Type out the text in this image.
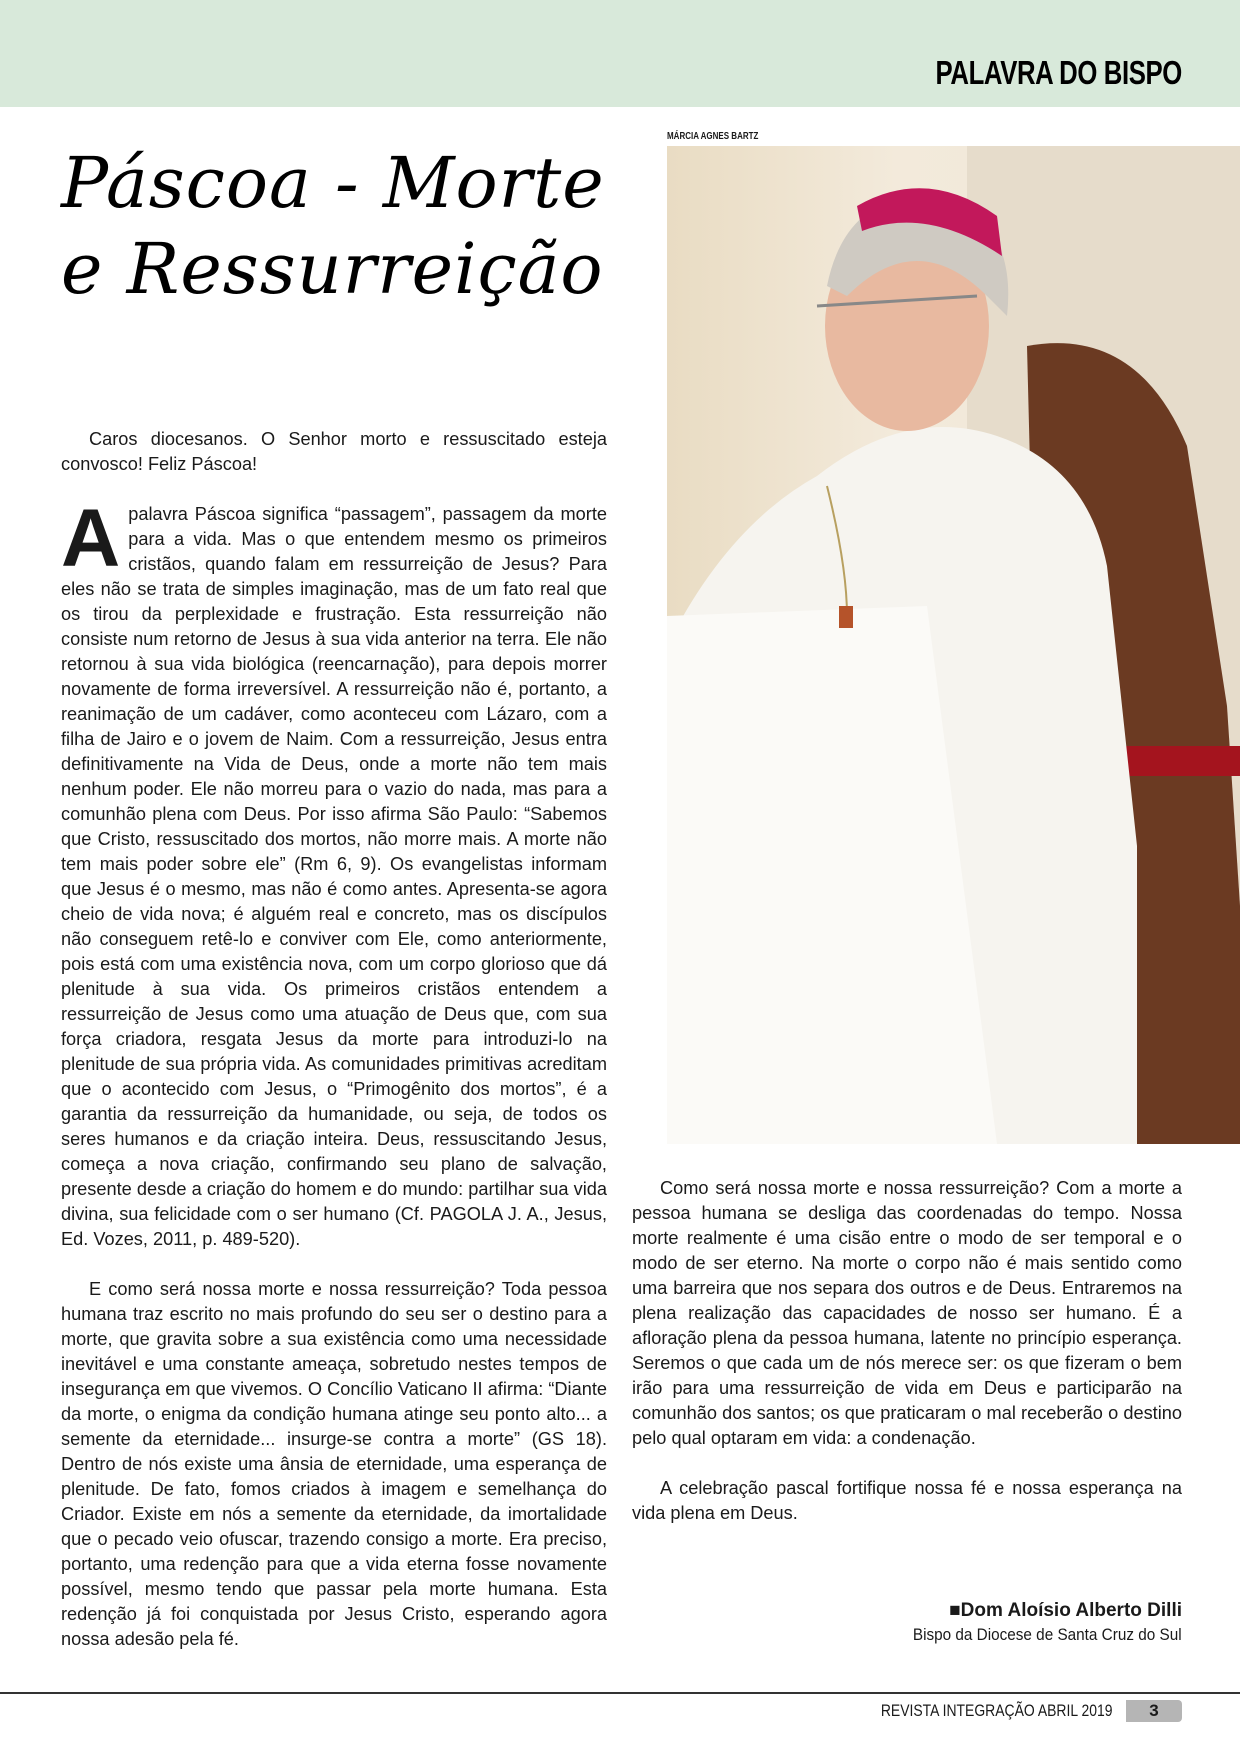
PALAVRA DO BISPO
Páscoa - Morte e Ressurreição
MÁRCIA AGNES BARTZ

Caros diocesanos. O Senhor morto e ressuscitado esteja convosco! Feliz Páscoa!

Apalavra Páscoa significa “passagem”, passagem da morte para a vida. Mas o que entendem mesmo os primeiros cristãos, quando falam em ressurreição de Jesus? Para eles não se trata de simples imaginação, mas de um fato real que os tirou da perplexidade e frustração. Esta ressurreição não consiste num retorno de Jesus à sua vida anterior na terra. Ele não retornou à sua vida biológica (reencarnação), para depois morrer novamente de forma irreversível. A ressurreição não é, portanto, a reanimação de um cadáver, como aconteceu com Lázaro, com a filha de Jairo e o jovem de Naim. Com a ressurreição, Jesus entra definitivamente na Vida de Deus, onde a morte não tem mais nenhum poder. Ele não morreu para o vazio do nada, mas para a comunhão plena com Deus. Por isso afirma São Paulo: “Sabemos que Cristo, ressuscitado dos mortos, não morre mais. A morte não tem mais poder sobre ele” (Rm 6, 9). Os evangelistas informam que Jesus é o mesmo, mas não é como antes. Apresenta-se agora cheio de vida nova; é alguém real e concreto, mas os discípulos não conseguem retê-lo e conviver com Ele, como anteriormente, pois está com uma existência nova, com um corpo glorioso que dá plenitude à sua vida. Os primeiros cristãos entendem a ressurreição de Jesus como uma atuação de Deus que, com sua força criadora, resgata Jesus da morte para introduzi-lo na plenitude de sua própria vida. As comunidades primitivas acreditam que o acontecido com Jesus, o “Primogênito dos mortos”, é a garantia da ressurreição da humanidade, ou seja, de todos os seres humanos e da criação inteira. Deus, ressuscitando Jesus, começa a nova criação, confirmando seu plano de salvação, presente desde a criação do homem e do mundo: partilhar sua vida divina, sua felicidade com o ser humano (Cf. PAGOLA J. A., Jesus, Ed. Vozes, 2011, p. 489-520).

E como será nossa morte e nossa ressurreição? Toda pessoa humana traz escrito no mais profundo do seu ser o destino para a morte, que gravita sobre a sua existência como uma necessidade inevitável e uma constante ameaça, sobretudo nestes tempos de insegurança em que vivemos. O Concílio Vaticano II afirma: “Diante da morte, o enigma da condição humana atinge seu ponto alto... a semente da eternidade... insurge-se contra a morte” (GS 18). Dentro de nós existe uma ânsia de eternidade, uma esperança de plenitude. De fato, fomos criados à imagem e semelhança do Criador. Existe em nós a semente da eternidade, da imortalidade que o pecado veio ofuscar, trazendo consigo a morte. Era preciso, portanto, uma redenção para que a vida eterna fosse novamente possível, mesmo tendo que passar pela morte humana. Esta redenção já foi conquistada por Jesus Cristo, esperando agora nossa adesão pela fé.

Como será nossa morte e nossa ressurreição? Com a morte a pessoa humana se desliga das coordenadas do tempo. Nossa morte realmente é uma cisão entre o modo de ser temporal e o modo de ser eterno. Na morte o corpo não é mais sentido como uma barreira que nos separa dos outros e de Deus. Entraremos na plena realização das capacidades de nosso ser humano. É a afloração plena da pessoa humana, latente no princípio esperança. Seremos o que cada um de nós merece ser: os que fizeram o bem irão para uma ressurreição de vida em Deus e participarão na comunhão dos santos; os que praticaram o mal receberão o destino pelo qual optaram em vida: a condenação.

A celebração pascal fortifique nossa fé e nossa esperança na vida plena em Deus.

■Dom Aloísio Alberto Dilli
Bispo da Diocese de Santa Cruz do Sul
REVISTA INTEGRAÇÃO ABRIL 2019	3
